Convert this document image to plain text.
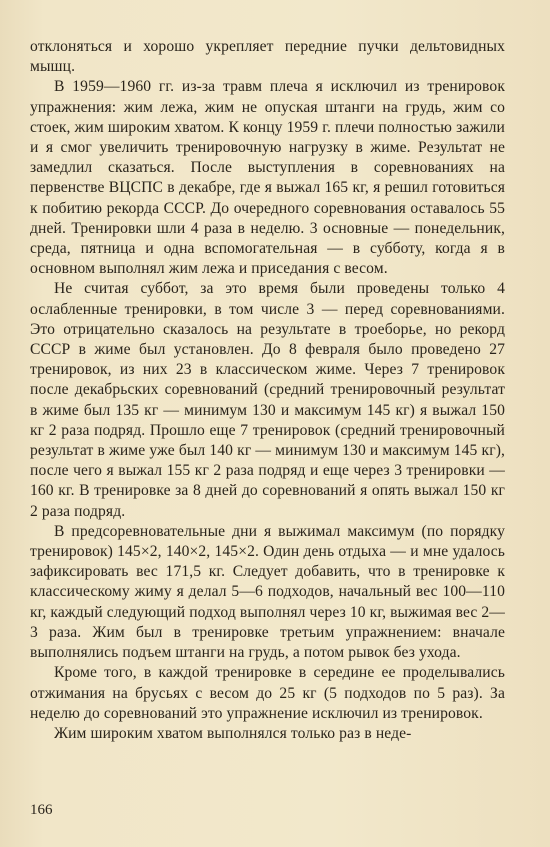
отклоняться и хорошо укрепляет передние пучки дельтовидных мышц.

В 1959—1960 гг. из-за травм плеча я исключил из тренировок упражнения: жим лежа, жим не опуская штанги на грудь, жим со стоек, жим широким хватом. К концу 1959 г. плечи полностью зажили и я смог увеличить тренировочную нагрузку в жиме. Результат не замедлил сказаться. После выступления в соревнованиях на первенстве ВЦСПС в декабре, где я выжал 165 кг, я решил готовиться к побитию рекорда СССР. До очередного соревнования оставалось 55 дней. Тренировки шли 4 раза в неделю. 3 основные — понедельник, среда, пятница и одна вспомогательная — в субботу, когда я в основном выполнял жим лежа и приседания с весом.

Не считая суббот, за это время были проведены только 4 ослабленные тренировки, в том числе 3 — перед соревнованиями. Это отрицательно сказалось на результате в троеборье, но рекорд СССР в жиме был установлен. До 8 февраля было проведено 27 тренировок, из них 23 в классическом жиме. Через 7 тренировок после декабрьских соревнований (средний тренировочный результат в жиме был 135 кг — минимум 130 и максимум 145 кг) я выжал 150 кг 2 раза подряд. Прошло еще 7 тренировок (средний тренировочный результат в жиме уже был 140 кг — минимум 130 и максимум 145 кг), после чего я выжал 155 кг 2 раза подряд и еще через 3 тренировки — 160 кг. В тренировке за 8 дней до соревнований я опять выжал 150 кг 2 раза подряд.

В предсоревновательные дни я выжимал максимум (по порядку тренировок) 145×2, 140×2, 145×2. Один день отдыха — и мне удалось зафиксировать вес 171,5 кг. Следует добавить, что в тренировке к классическому жиму я делал 5—6 подходов, начальный вес 100—110 кг, каждый следующий подход выполнял через 10 кг, выжимая вес 2—3 раза. Жим был в тренировке третьим упражнением: вначале выполнялись подъем штанги на грудь, а потом рывок без ухода.

Кроме того, в каждой тренировке в середине ее проделывались отжимания на брусьях с весом до 25 кг (5 подходов по 5 раз). За неделю до соревнований это упражнение исключил из тренировок.

Жим широким хватом выполнялся только раз в неде-

166
